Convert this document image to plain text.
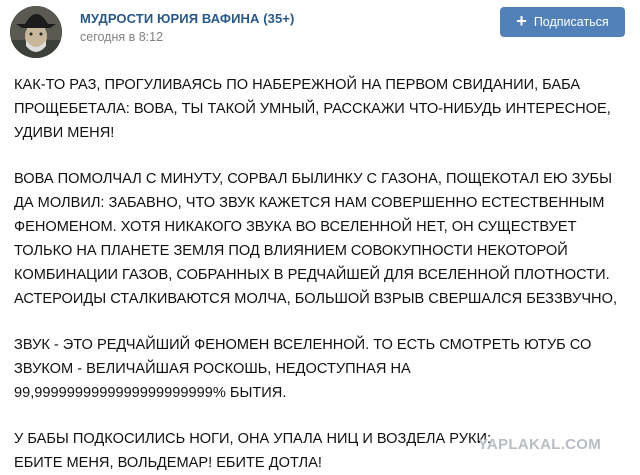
МУДРОСТИ ЮРИЯ ВАФИНА (35+)
сегодня в 8:12
+ Подписаться

КАК-ТО РАЗ, ПРОГУЛИВАЯСЬ ПО НАБЕРЕЖНОЙ НА ПЕРВОМ СВИДАНИИ, БАБА
ПРОЩЕБЕТАЛА: ВОВА, ТЫ ТАКОЙ УМНЫЙ, РАССКАЖИ ЧТО-НИБУДЬ ИНТЕРЕСНОЕ,
УДИВИ МЕНЯ!

ВОВА ПОМОЛЧАЛ С МИНУТУ, СОРВАЛ БЫЛИНКУ С ГАЗОНА, ПОЩЕКОТАЛ ЕЮ ЗУБЫ
ДА МОЛВИЛ: ЗАБАВНО, ЧТО ЗВУК КАЖЕТСЯ НАМ СОВЕРШЕННО ЕСТЕСТВЕННЫМ
ФЕНОМЕНОМ. ХОТЯ НИКАКОГО ЗВУКА ВО ВСЕЛЕННОЙ НЕТ, ОН СУЩЕСТВУЕТ
ТОЛЬКО НА ПЛАНЕТЕ ЗЕМЛЯ ПОД ВЛИЯНИЕМ СОВОКУПНОСТИ НЕКОТОРОЙ
КОМБИНАЦИИ ГАЗОВ, СОБРАННЫХ В РЕДЧАЙШЕЙ ДЛЯ ВСЕЛЕННОЙ ПЛОТНОСТИ.
АСТЕРОИДЫ СТАЛКИВАЮТСЯ МОЛЧА, БОЛЬШОЙ ВЗРЫВ СВЕРШАЛСЯ БЕЗЗВУЧНО,

ЗВУК - ЭТО РЕДЧАЙШИЙ ФЕНОМЕН ВСЕЛЕННОЙ. ТО ЕСТЬ СМОТРЕТЬ ЮТУБ СО
ЗВУКОМ - ВЕЛИЧАЙШАЯ РОСКОШЬ, НЕДОСТУПНАЯ НА
99,9999999999999999999999% БЫТИЯ.

У БАБЫ ПОДКОСИЛИСЬ НОГИ, ОНА УПАЛА НИЦ И ВОЗДЕЛА РУКИ:
ЕБИТЕ МЕНЯ, ВОЛЬДЕМАР! ЕБИТЕ ДОТЛА!

YAPLAKAL.COM
